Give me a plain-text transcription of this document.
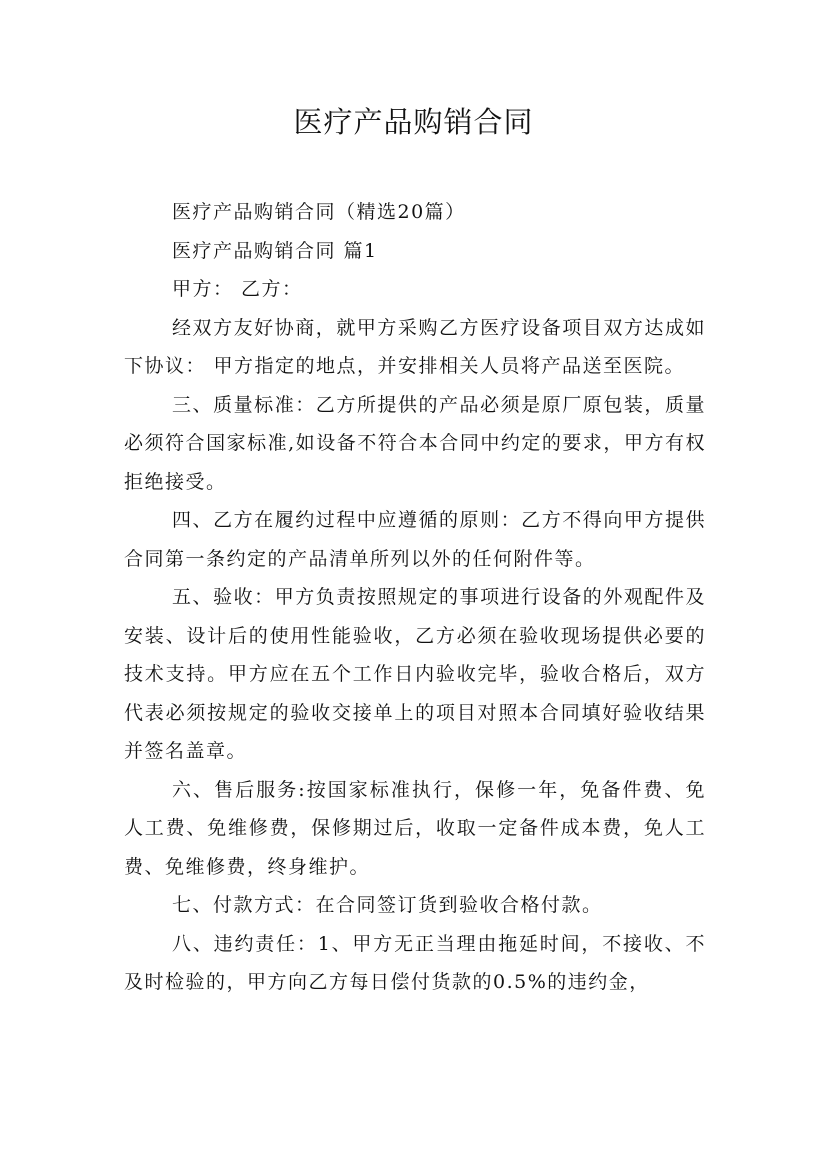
医疗产品购销合同

医疗产品购销合同（精选20篇）

医疗产品购销合同 篇1

甲方： 乙方：

经双方友好协商，就甲方采购乙方医疗设备项目双方达成如下协议： 甲方指定的地点，并安排相关人员将产品送至医院。

三、质量标准：乙方所提供的产品必须是原厂原包装，质量必须符合国家标准,如设备不符合本合同中约定的要求，甲方有权拒绝接受。

四、乙方在履约过程中应遵循的原则：乙方不得向甲方提供合同第一条约定的产品清单所列以外的任何附件等。

五、验收：甲方负责按照规定的事项进行设备的外观配件及安装、设计后的使用性能验收，乙方必须在验收现场提供必要的技术支持。甲方应在五个工作日内验收完毕，验收合格后，双方代表必须按规定的验收交接单上的项目对照本合同填好验收结果并签名盖章。

六、售后服务:按国家标准执行，保修一年，免备件费、免人工费、免维修费，保修期过后，收取一定备件成本费，免人工费、免维修费，终身维护。

七、付款方式：在合同签订货到验收合格付款。

八、违约责任：1、甲方无正当理由拖延时间，不接收、不及时检验的，甲方向乙方每日偿付货款的0.5%的违约金，
